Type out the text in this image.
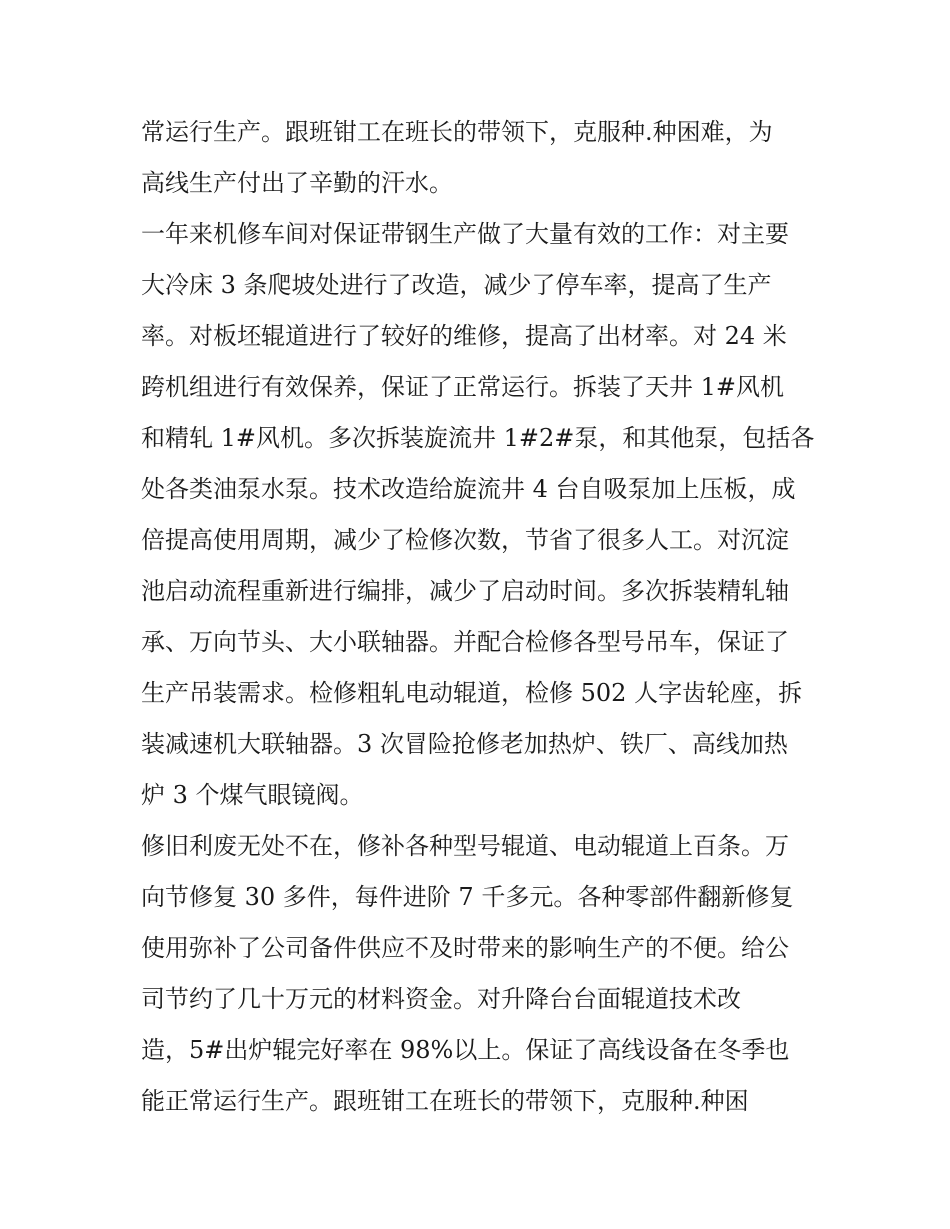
常运行生产。跟班钳工在班长的带领下，克服种.种困难，为
高线生产付出了辛勤的汗水。
一年来机修车间对保证带钢生产做了大量有效的工作：对主要
大冷床 3 条爬坡处进行了改造，减少了停车率，提高了生产
率。对板坯辊道进行了较好的维修，提高了出材率。对 24 米
跨机组进行有效保养，保证了正常运行。拆装了天井 1#风机
和精轧 1#风机。多次拆装旋流井 1#2#泵，和其他泵，包括各
处各类油泵水泵。技术改造给旋流井 4 台自吸泵加上压板，成
倍提高使用周期，减少了检修次数，节省了很多人工。对沉淀
池启动流程重新进行编排，减少了启动时间。多次拆装精轧轴
承、万向节头、大小联轴器。并配合检修各型号吊车，保证了
生产吊装需求。检修粗轧电动辊道，检修 502 人字齿轮座，拆
装减速机大联轴器。3 次冒险抢修老加热炉、铁厂、高线加热
炉 3 个煤气眼镜阀。
修旧利废无处不在，修补各种型号辊道、电动辊道上百条。万
向节修复 30 多件，每件进阶 7 千多元。各种零部件翻新修复
使用弥补了公司备件供应不及时带来的影响生产的不便。给公
司节约了几十万元的材料资金。对升降台台面辊道技术改
造，5#出炉辊完好率在 98%以上。保证了高线设备在冬季也
能正常运行生产。跟班钳工在班长的带领下，克服种.种困
